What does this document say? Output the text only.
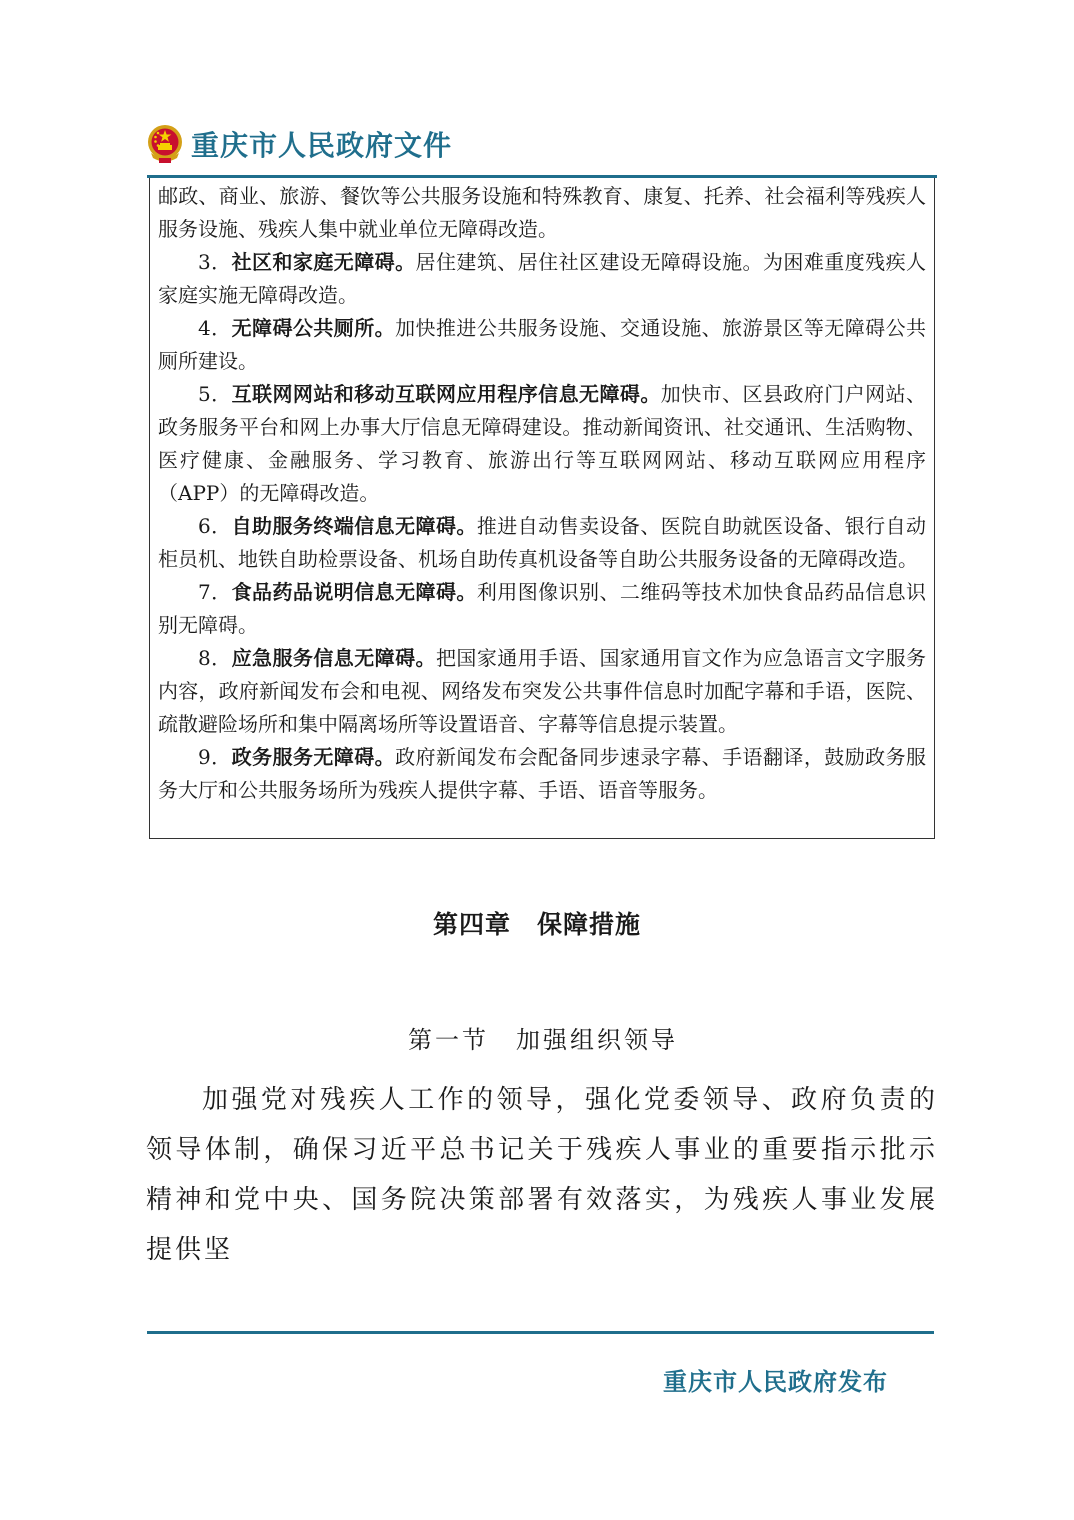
重庆市人民政府文件

邮政、商业、旅游、餐饮等公共服务设施和特殊教育、康复、托养、社会福利等残疾人服务设施、残疾人集中就业单位无障碍改造。

3．社区和家庭无障碍。居住建筑、居住社区建设无障碍设施。为困难重度残疾人家庭实施无障碍改造。

4．无障碍公共厕所。加快推进公共服务设施、交通设施、旅游景区等无障碍公共厕所建设。

5．互联网网站和移动互联网应用程序信息无障碍。加快市、区县政府门户网站、政务服务平台和网上办事大厅信息无障碍建设。推动新闻资讯、社交通讯、生活购物、医疗健康、金融服务、学习教育、旅游出行等互联网网站、移动互联网应用程序（APP）的无障碍改造。

6．自助服务终端信息无障碍。推进自动售卖设备、医院自助就医设备、银行自动柜员机、地铁自助检票设备、机场自助传真机设备等自助公共服务设备的无障碍改造。

7．食品药品说明信息无障碍。利用图像识别、二维码等技术加快食品药品信息识别无障碍。

8．应急服务信息无障碍。把国家通用手语、国家通用盲文作为应急语言文字服务内容，政府新闻发布会和电视、网络发布突发公共事件信息时加配字幕和手语，医院、疏散避险场所和集中隔离场所等设置语音、字幕等信息提示装置。

9．政务服务无障碍。政府新闻发布会配备同步速录字幕、手语翻译，鼓励政务服务大厅和公共服务场所为残疾人提供字幕、手语、语音等服务。

第四章　保障措施
第一节　加强组织领导

加强党对残疾人工作的领导，强化党委领导、政府负责的领导体制，确保习近平总书记关于残疾人事业的重要指示批示精神和党中央、国务院决策部署有效落实，为残疾人事业发展提供坚

重庆市人民政府发布
